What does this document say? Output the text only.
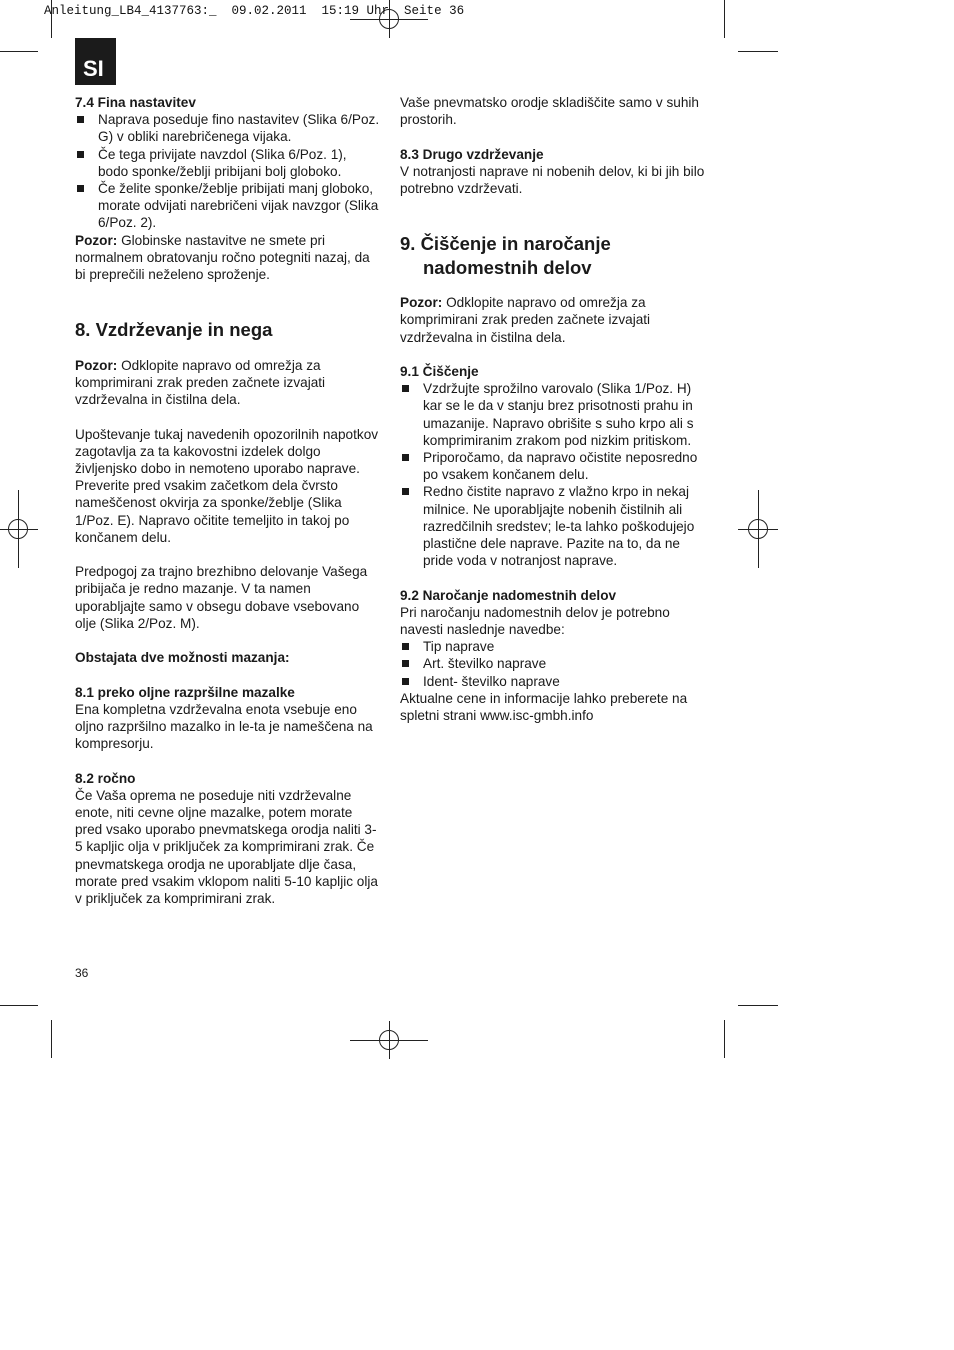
Anleitung_LB4_4137763:_  09.02.2011  15:19 Uhr  Seite 36
SI

7.4 Fina nastavitev

Naprava poseduje fino nastavitev (Slika 6/Poz. G) v obliki narebričenega vijaka.

Če tega privijate navzdol (Slika 6/Poz. 1), bodo sponke/žeblji pribijani bolj globoko.

Če želite sponke/žeblje pribijati manj globoko, morate odvijati narebričeni vijak navzgor (Slika 6/Poz. 2).

Pozor: Globinske nastavitve ne smete pri normalnem obratovanju ročno potegniti nazaj, da bi preprečili neželeno sproženje.

8. Vzdrževanje in nega

Pozor: Odklopite napravo od omrežja za komprimirani zrak preden začnete izvajati vzdrževalna in čistilna dela.

Upoštevanje tukaj navedenih opozorilnih napotkov zagotavlja za ta kakovostni izdelek dolgo življenjsko dobo in nemoteno uporabo naprave.

Preverite pred vsakim začetkom dela čvrsto nameščenost okvirja za sponke/žeblje (Slika 1/Poz. E). Napravo očitite temeljito in takoj po končanem delu.

Predpogoj za trajno brezhibno delovanje Vašega pribijača je redno mazanje. V ta namen uporabljajte samo v obsegu dobave vsebovano olje (Slika 2/Poz. M).

Obstajata dve možnosti mazanja:

8.1 preko oljne razpršilne mazalke

Ena kompletna vzdrževalna enota vsebuje eno oljno razpršilno mazalko in le-ta je nameščena na kompresorju.

8.2 ročno

Če Vaša oprema ne poseduje niti vzdrževalne enote, niti cevne oljne mazalke, potem morate pred vsako uporabo pnevmatskega orodja naliti 3-5 kapljic olja v priključek za komprimirani zrak. Če pnevmatskega orodja ne uporabljate dlje časa, morate pred vsakim vklopom naliti 5-10 kapljic olja v priključek za komprimirani zrak.

Vaše pnevmatsko orodje skladiščite samo v suhih prostorih.

8.3 Drugo vzdrževanje

V notranjosti naprave ni nobenih delov, ki bi jih bilo potrebno vzdrževati.

9. Čiščenje in naročanje
nadomestnih delov

Pozor: Odklopite napravo od omrežja za komprimirani zrak preden začnete izvajati vzdrževalna in čistilna dela.

9.1 Čiščenje

Vzdržujte sprožilno varovalo (Slika 1/Poz. H) kar se le da v stanju brez prisotnosti prahu in umazanije. Napravo obrišite s suho krpo ali s komprimiranim zrakom pod nizkim pritiskom.

Priporočamo, da napravo očistite neposredno po vsakem končanem delu.

Redno čistite napravo z vlažno krpo in nekaj milnice. Ne uporabljajte nobenih čistilnih ali razredčilnih sredstev; le-ta lahko poškodujejo plastične dele naprave. Pazite na to, da ne pride voda v notranjost naprave.

9.2 Naročanje nadomestnih delov

Pri naročanju nadomestnih delov je potrebno navesti naslednje navedbe:

Tip naprave

Art. številko naprave

Ident- številko naprave

Aktualne cene in informacije lahko preberete na spletni strani www.isc-gmbh.info

36
